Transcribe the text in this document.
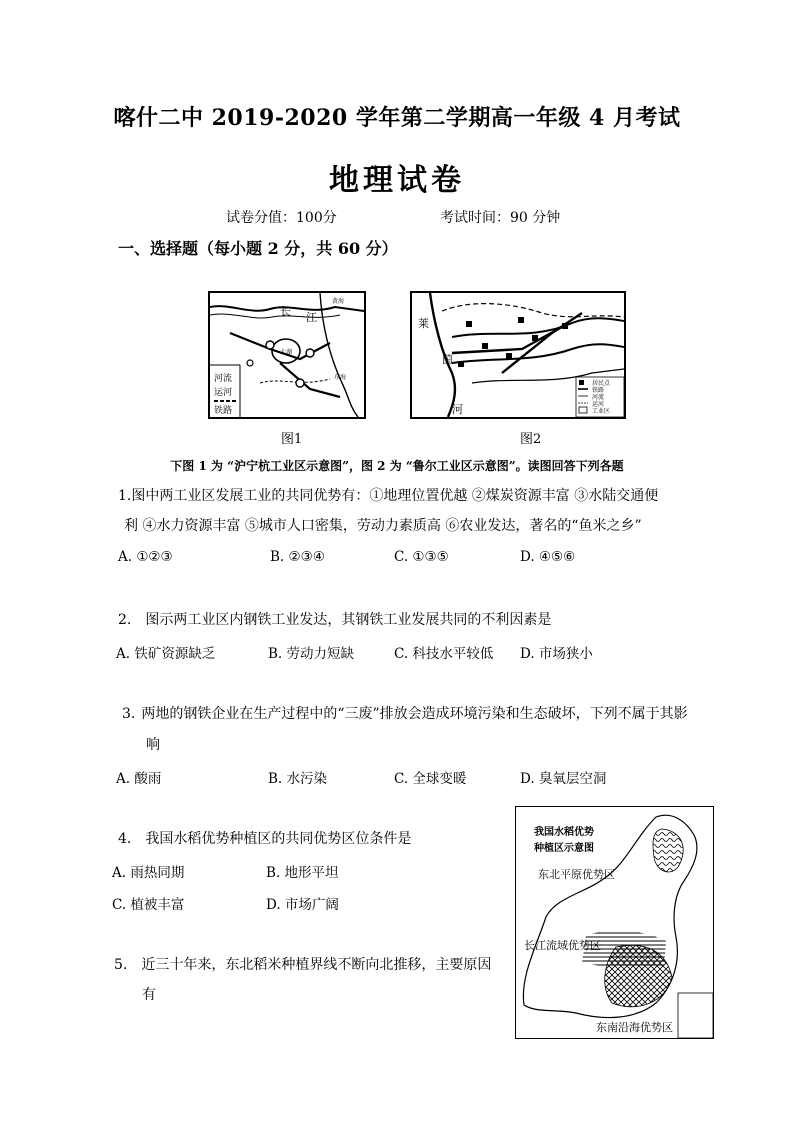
喀什二中 2019-2020 学年第二学期高一年级 4 月考试
地理试卷
试卷分值：100分	考试时间：90 分钟
一、选择题（每小题 2 分，共 60 分）
长 江
黄海
东海
太湖
河流
运河
铁路
图1
莱
茵
河
居民点
铁路
河流
运河
工业区
图2
下图 1 为 “沪宁杭工业区示意图”，图 2 为 “鲁尔工业区示意图”。读图回答下列各题
1.图中两工业区发展工业的共同优势有：①地理位置优越 ②煤炭资源丰富 ③水陆交通便
利 ④水力资源丰富 ⑤城市人口密集，劳动力素质高 ⑥农业发达，著名的“鱼米之乡”
A. ①②③	B. ②③④	C. ①③⑤	D. ④⑤⑥
2. 图示两工业区内钢铁工业发达，其钢铁工业发展共同的不利因素是
A. 铁矿资源缺乏	B. 劳动力短缺	C. 科技水平较低 D. 市场狭小
3. 两地的钢铁企业在生产过程中的“三废”排放会造成环境污染和生态破坏，下列不属于其影
响
A. 酸雨	B. 水污染	C. 全球变暖	D. 臭氧层空洞
4. 我国水稻优势种植区的共同优势区位条件是
A. 雨热同期	B. 地形平坦
C. 植被丰富	D. 市场广阔
5. 近三十年来，东北稻米种植界线不断向北推移，主要原因
有
我国水稻优势
种植区示意图
东北平原优势区
长江流域优势区
东南沿海优势区
